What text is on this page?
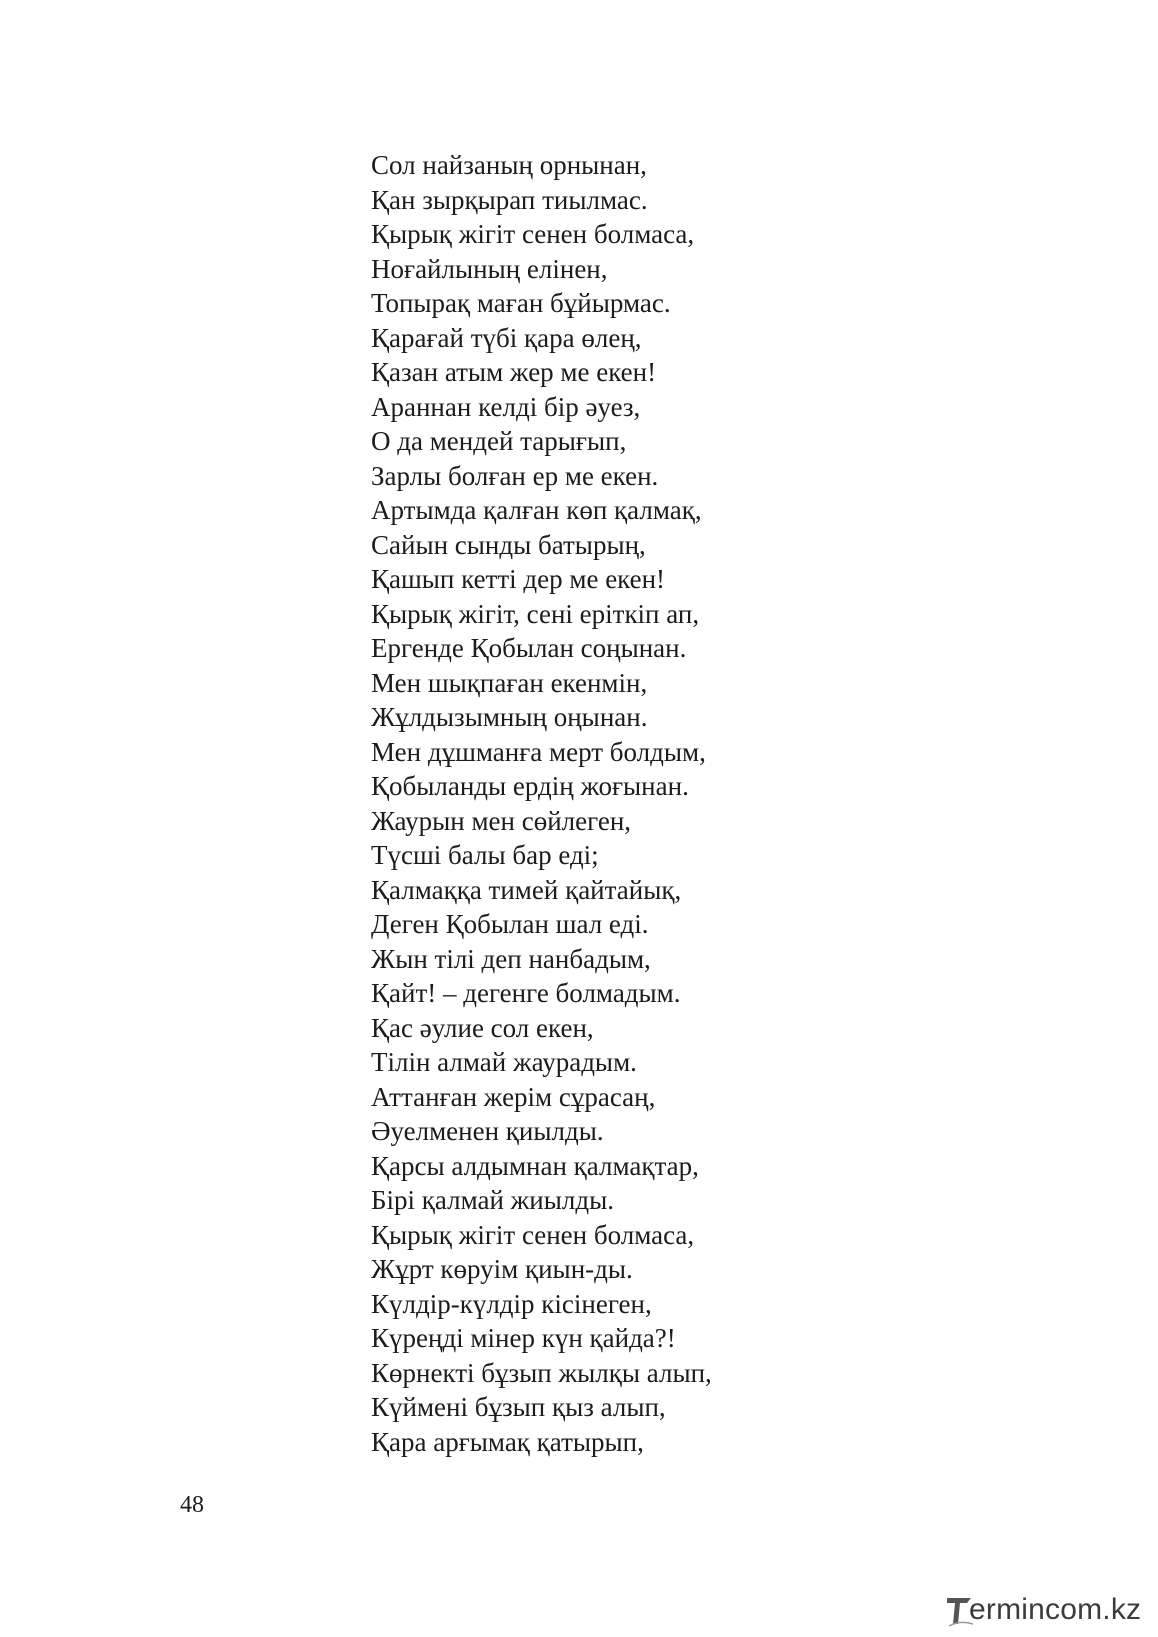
Сол найзаның орнынан,
Қан зырқырап тиылмас.
Қырық жігіт сенен болмаса,
Ноғайлының елінен,
Топырақ маған бұйырмас.
Қарағай түбі қара өлең,
Қазан атым жер ме екен!
Араннан келді бір әуез,
О да мендей тарығып,
Зарлы болған ер ме екен.
Артымда қалған көп қалмақ,
Сайын сынды батырың,
Қашып кетті дер ме екен!
Қырық жігіт, сені еріткіп ап,
Ергенде Қобылан соңынан.
Мен шықпаған екенмін,
Жұлдызымның оңынан.
Мен дұшманға мерт болдым,
Қобыланды ердің жоғынан.
Жаурын мен сөйлеген,
Түсші балы бар еді;
Қалмаққа тимей қайтайық,
Деген Қобылан шал еді.
Жын тілі деп нанбадым,
Қайт! – дегенге болмадым.
Қас әулие сол екен,
Тілін алмай жаурадым.
Аттанған жерім сұрасаң,
Әуелменен қиылды.
Қарсы алдымнан қалмақтар,
Бірі қалмай жиылды.
Қырық жігіт сенен болмаса,
Жұрт көруім қиын-ды.
Күлдір-күлдір кісінеген,
Күреңді мінер күн қайда?!
Көрнекті бұзып жылқы алып,
Күймені бұзып қыз алып,
Қара арғымақ қатырып,
48
ermincom.kz
